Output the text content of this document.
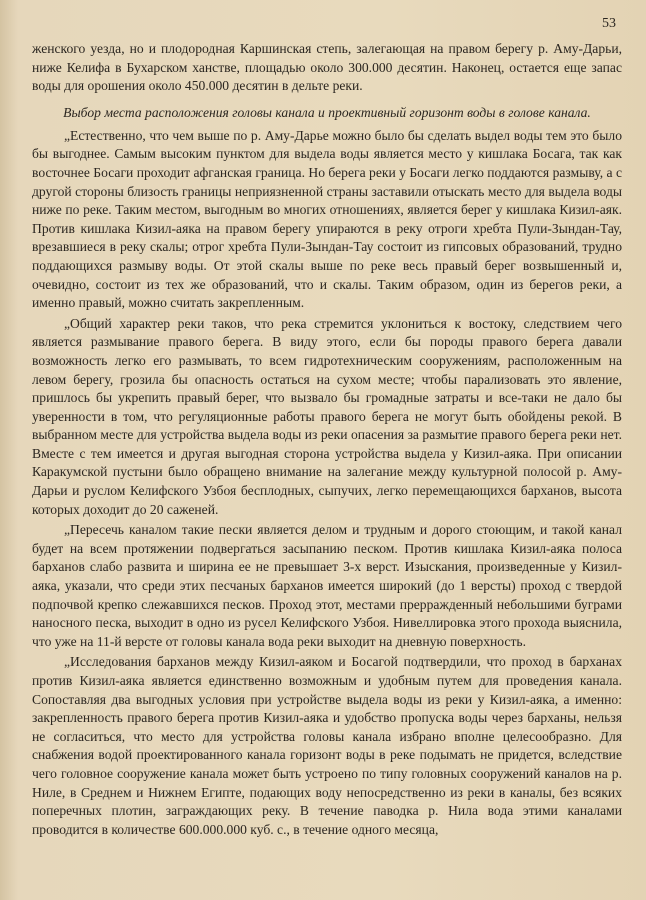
53

женского уезда, но и плодородная Каршинская степь, залегающая на правом берегу р. Аму-Дарьи, ниже Келифа в Бухарском ханстве, площадью около 300.000 десятин. Наконец, остается еще запас воды для орошения около 450.000 десятин в дельте реки.

Выбор места расположения головы канала и проективный горизонт воды в голове канала.

„Естественно, что чем выше по р. Аму-Дарье можно было бы сделать выдел воды тем это было бы выгоднее. Самым высоким пунктом для выдела воды является место у кишлака Босага, так как восточнее Босаги проходит афганская граница. Но берега реки у Босаги легко поддаются размыву, а с другой стороны близость границы неприязненной страны заставили отыскать место для выдела воды ниже по реке. Таким местом, выгодным во многих отношениях, является берег у кишлака Кизил-аяк. Против кишлака Кизил-аяка на правом берегу упираются в реку отроги хребта Пули-Зындан-Тау, врезавшиеся в реку скалы; отрог хребта Пули-Зындан-Тау состоит из гипсовых образований, трудно поддающихся размыву воды. От этой скалы выше по реке весь правый берег возвышенный и, очевидно, состоит из тех же образований, что и скалы. Таким образом, один из берегов реки, а именно правый, можно считать закрепленным.

„Общий характер реки таков, что река стремится уклониться к востоку, следствием чего является размывание правого берега. В виду этого, если бы породы правого берега давали возможность легко его размывать, то всем гидротехническим сооружениям, расположенным на левом берегу, грозила бы опасность остаться на сухом месте; чтобы парализовать это явление, пришлось бы укрепить правый берег, что вызвало бы громадные затраты и все-таки не дало бы уверенности в том, что регуляционные работы правого берега не могут быть обойдены рекой. В выбранном месте для устройства выдела воды из реки опасения за размытие правого берега реки нет. Вместе с тем имеется и другая выгодная сторона устройства выдела у Кизил-аяка. При описании Каракумской пустыни было обращено внимание на залегание между культурной полосой р. Аму-Дарьи и руслом Келифского Узбоя бесплодных, сыпучих, легко перемещающихся барханов, высота которых доходит до 20 саженей.

„Пересечь каналом такие пески является делом и трудным и дорого стоющим, и такой канал будет на всем протяжении подвергаться засыпанию песком. Против кишлака Кизил-аяка полоса барханов слабо развита и ширина ее не превышает 3-х верст. Изыскания, произведенные у Кизил-аяка, указали, что среди этих песчаных барханов имеется широкий (до 1 версты) проход с твердой подпочвой крепко слежавшихся песков. Проход этот, местами прерражденный небольшими буграми наносного песка, выходит в одно из русел Келифского Узбоя. Нивеллировка этого прохода выяснила, что уже на 11-й версте от головы канала вода реки выходит на дневную поверхность.

„Исследования барханов между Кизил-аяком и Босагой подтвердили, что проход в барханах против Кизил-аяка является единственно возможным и удобным путем для проведения канала. Сопоставляя два выгодных условия при устройстве выдела воды из реки у Кизил-аяка, а именно: закрепленность правого берега против Кизил-аяка и удобство пропуска воды через барханы, нельзя не согласиться, что место для устройства головы канала избрано вполне целесообразно. Для снабжения водой проектированного канала горизонт воды в реке подымать не придется, вследствие чего головное сооружение канала может быть устроено по типу головных сооружений каналов на р. Ниле, в Среднем и Нижнем Египте, подающих воду непосредственно из реки в каналы, без всяких поперечных плотин, заграждающих реку. В течение паводка р. Нила вода этими каналами проводится в количестве 600.000.000 куб. с., в течение одного месяца,
